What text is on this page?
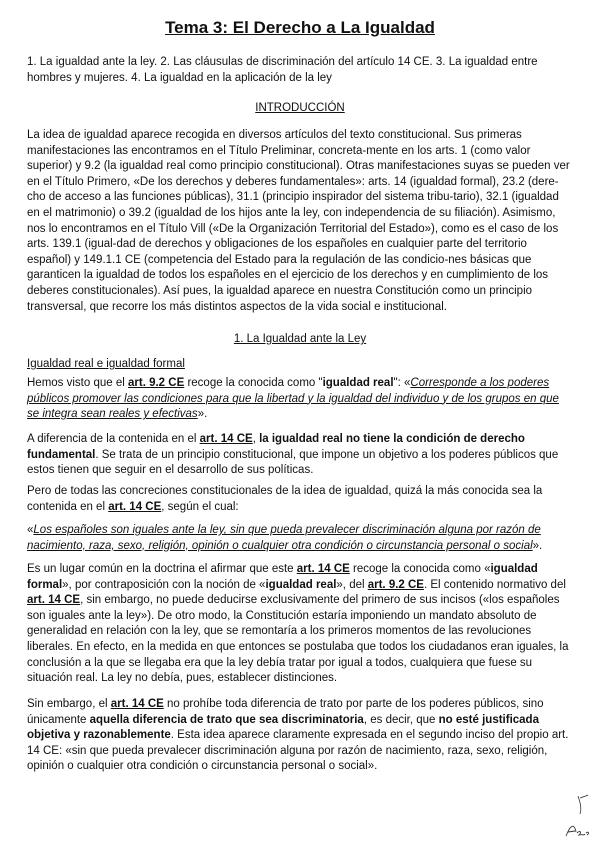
Tema 3: El Derecho a La Igualdad

1. La igualdad ante la ley. 2. Las cláusulas de discriminación del artículo 14 CE. 3. La igualdad entre hombres y mujeres. 4. La igualdad en la aplicación de la ley

INTRODUCCIÓN

La idea de igualdad aparece recogida en diversos artículos del texto constitucional. Sus primeras manifestaciones las encontramos en el Título Preliminar, concreta-mente en los arts. 1 (como valor superior) y 9.2 (la igualdad real como principio constitucional). Otras manifestaciones suyas se pueden ver en el Título Primero, «De los derechos y deberes fundamentales»: arts. 14 (igualdad formal), 23.2 (dere-cho de acceso a las funciones públicas), 31.1 (principio inspirador del sistema tribu-tario), 32.1 (igualdad en el matrimonio) o 39.2 (igualdad de los hijos ante la ley, con independencia de su filiación). Asimismo, nos lo encontramos en el Título Vill («De la Organización Territorial del Estado»), como es el caso de los arts. 139.1 (igual-dad de derechos y obligaciones de los españoles en cualquier parte del territorio español) y 149.1.1 CE (competencia del Estado para la regulación de las condicio-nes básicas que garanticen la igualdad de todos los españoles en el ejercicio de los derechos y en cumplimiento de los deberes constitucionales). Así pues, la igualdad aparece en nuestra Constitución como un principio transversal, que recorre los más distintos aspectos de la vida social e institucional.

1. La Igualdad ante la Ley

Igualdad real e igualdad formal

Hemos visto que el art. 9.2 CE recoge la conocida como "igualdad real": «Corresponde a los poderes públicos promover las condiciones para que la libertad y la igualdad del individuo y de los grupos en que se integra sean reales y efectivas».

A diferencia de la contenida en el art. 14 CE, la igualdad real no tiene la condición de derecho fundamental. Se trata de un principio constitucional, que impone un objetivo a los poderes públicos que estos tienen que seguir en el desarrollo de sus políticas.

Pero de todas las concreciones constitucionales de la idea de igualdad, quizá la más conocida sea la contenida en el art. 14 CE, según el cual:

«Los españoles son iguales ante la ley, sin que pueda prevalecer discriminación alguna por razón de nacimiento, raza, sexo, religión, opinión o cualquier otra condición o circunstancia personal o social».

Es un lugar común en la doctrina el afirmar que este art. 14 CE recoge la conocida como «igualdad formal», por contraposición con la noción de «igualdad real», del art. 9.2 CE. El contenido normativo del art. 14 CE, sin embargo, no puede deducirse exclusivamente del primero de sus incisos («los españoles son iguales ante la ley»). De otro modo, la Constitución estaría imponiendo un mandato absoluto de generalidad en relación con la ley, que se remontaría a los primeros momentos de las revoluciones liberales. En efecto, en la medida en que entonces se postulaba que todos los ciudadanos eran iguales, la conclusión a la que se llegaba era que la ley debía tratar por igual a todos, cualquiera que fuese su situación real. La ley no debía, pues, establecer distinciones.

Sin embargo, el art. 14 CE no prohíbe toda diferencia de trato por parte de los poderes públicos, sino únicamente aquella diferencia de trato que sea discriminatoria, es decir, que no esté justificada objetiva y razonablemente. Esta idea aparece claramente expresada en el segundo inciso del propio art. 14 CE: «sin que pueda prevalecer discriminación alguna por razón de nacimiento, raza, sexo, religión, opinión o cualquier otra condición o circunstancia personal o social».
